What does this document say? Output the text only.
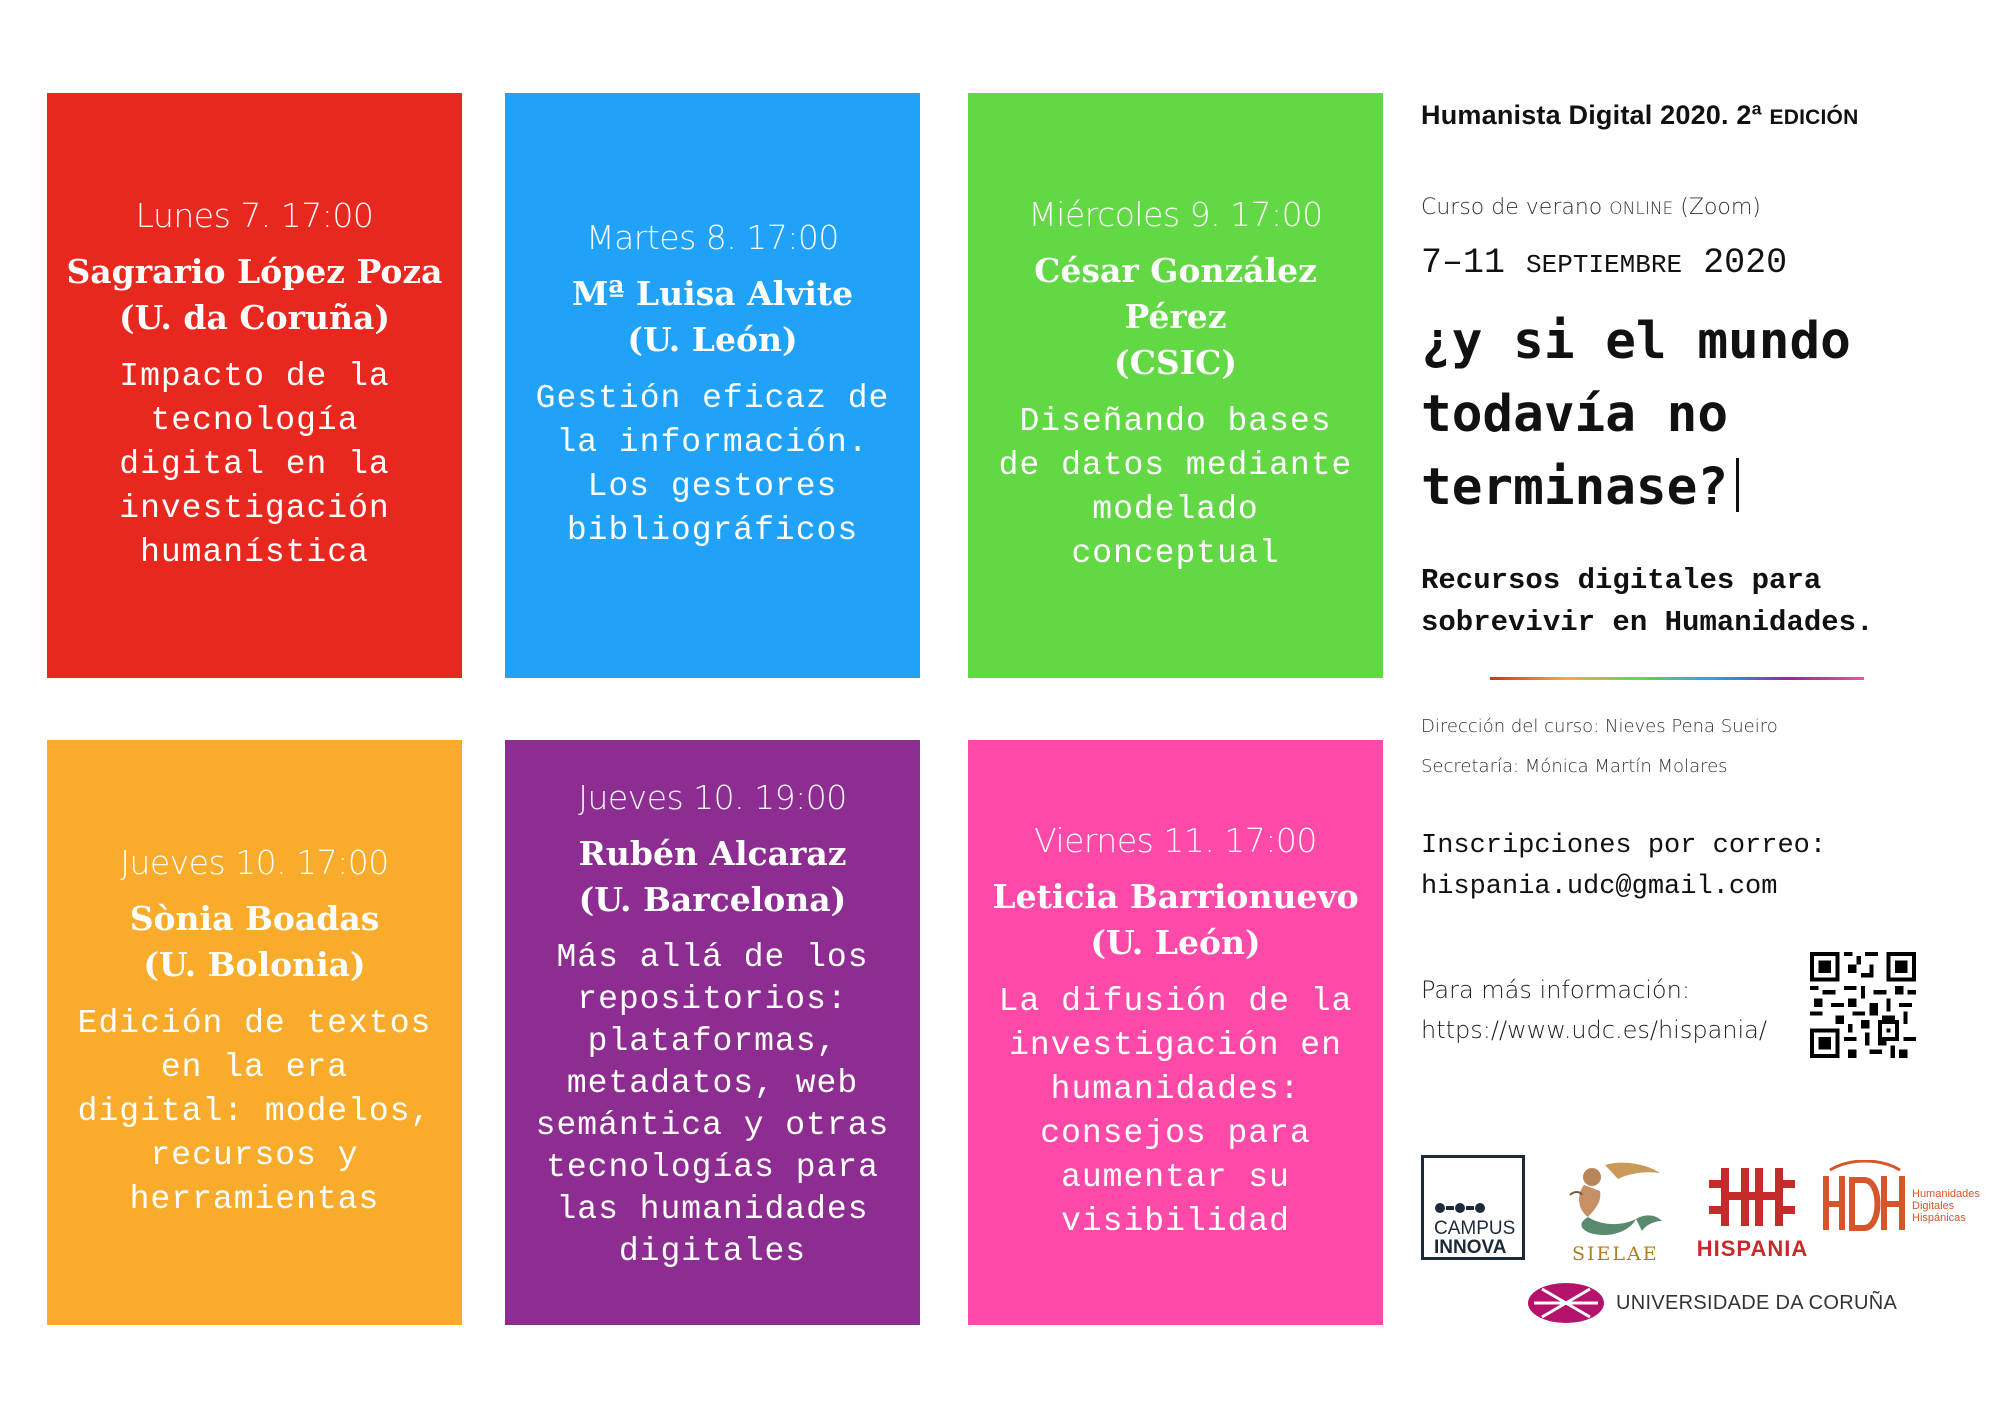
Lunes 7. 17:00
Sagrario López Poza
(U. da Coruña)
Impacto de la
tecnología
digital en la
investigación
humanística
Martes 8. 17:00
Mª Luisa Alvite
(U. León)
Gestión eficaz de
la información.
Los gestores
bibliográficos
Miércoles 9. 17:00
César González Pérez
(CSIC)
Diseñando bases
de datos mediante
modelado
conceptual
Jueves 10. 17:00
Sònia Boadas
(U. Bolonia)
Edición de textos
en la era
digital: modelos,
recursos y
herramientas
Jueves 10. 19:00
Rubén Alcaraz
(U. Barcelona)
Más allá de los
repositorios:
plataformas,
metadatos, web
semántica y otras
tecnologías para
las humanidades
digitales
Viernes 11. 17:00
Leticia Barrionuevo
(U. León)
La difusión de la
investigación en
humanidades:
consejos para
aumentar su
visibilidad
Humanista Digital 2020. 2ª EDICIÓN
Curso de verano ONLINE (Zoom)
7–11 SEPTIEMBRE 2020
¿y si el mundo todavía no terminase?
Recursos digitales para sobrevivir en Humanidades.
Dirección del curso: Nieves Pena Sueiro
Secretaría: Mónica Martín Molares
Inscripciones por correo:
hispania.udc@gmail.com
Para más información:
https://www.udc.es/hispania/
CAMPUS
INNOVA	SIELAE HISPANIA
Humanidades
Digitales
Hispánicas
UNIVERSIDADE DA CORUÑA
